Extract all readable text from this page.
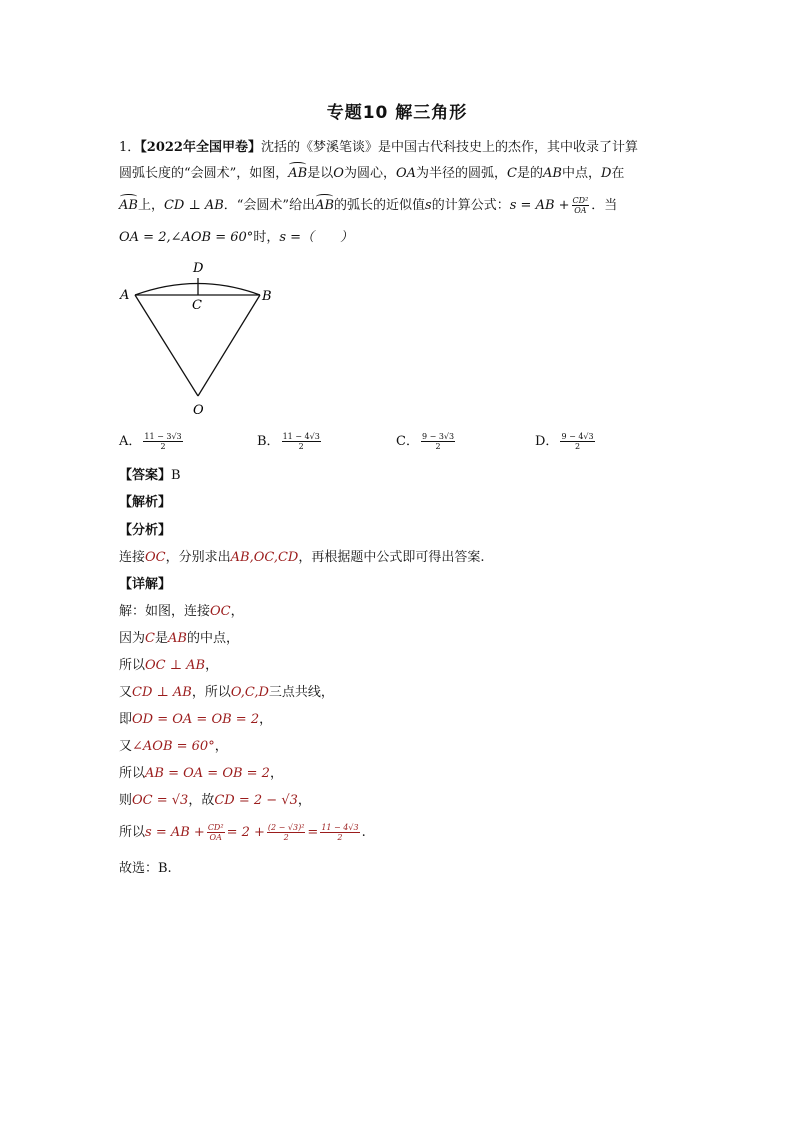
专题10 解三角形
1．【2022年全国甲卷】沈括的《梦溪笔谈》是中国古代科技史上的杰作，其中收录了计算
圆弧长度的“会圆术”，如图，AB是以O为圆心，OA为半径的圆弧，C是的AB中点，D在
AB上，CD ⊥ AB．“会圆术”给出AB的弧长的近似值s的计算公式：s = AB + $\frac{\text{CD²}}{OA}$ ．当
OA = 2,∠AOB = 60°时，s =（　　）
D
A	B
C
O
A． $\frac{11 - 3√3}{2}$	B． $\frac{11 - 4√3}{2}$	C． $\frac{9 - 3√3}{2}$	D． $\frac{9 - 4√3}{2}$
【答案】B
【解析】
【分析】
连接OC，分别求出AB,OC,CD，再根据题中公式即可得出答案.
【详解】
解：如图，连接OC，
因为C是AB的中点，
所以OC ⊥ AB，
又CD ⊥ AB，所以O,C,D三点共线，
即OD = OA = OB = 2，
又∠AOB = 60°，
所以AB = OA = OB = 2，
则OC = √3，故CD = 2 − √3，
所以s = AB + $\frac{\text{CD²}}{OA} = 2 + \frac{\text{(2 − √3)²}}{2} = \frac{11 - 4√3}{2}$ .
故选：B.
